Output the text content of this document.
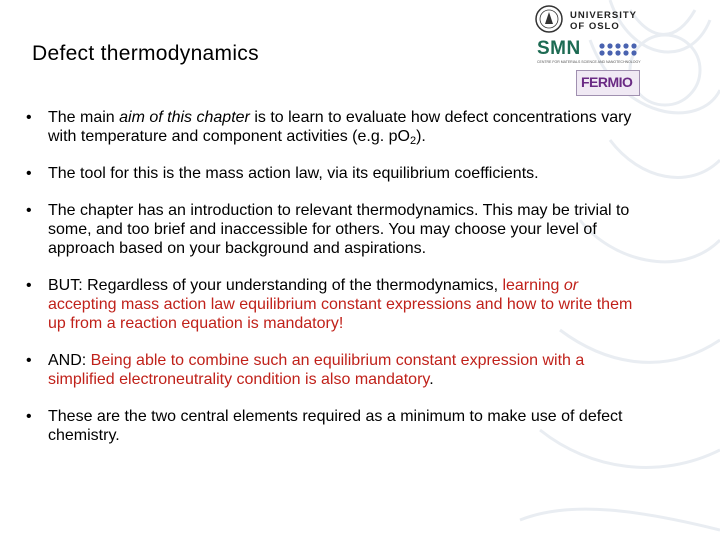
Defect thermodynamics
UNIVERSITY
OF OSLO
SMN
CENTRE FOR MATERIALS SCIENCE AND NANOTECHNOLOGY
FERMIO
• The main aim of this chapter is to learn to evaluate how defect concentrations vary with temperature and component activities (e.g. $pO_2$).
• The tool for this is the mass action law, via its equilibrium coefficients.
• The chapter has an introduction to relevant thermodynamics. This may be trivial to some, and too brief and inaccessible for others. You may choose your level of approach based on your background and aspirations.
• BUT: Regardless of your understanding of the thermodynamics, learning or accepting mass action law equilibrium constant expressions and how to write them up from a reaction equation is mandatory!
• AND: Being able to combine such an equilibrium constant expression with a simplified electroneutrality condition is also mandatory.
• These are the two central elements required as a minimum to make use of defect chemistry.
